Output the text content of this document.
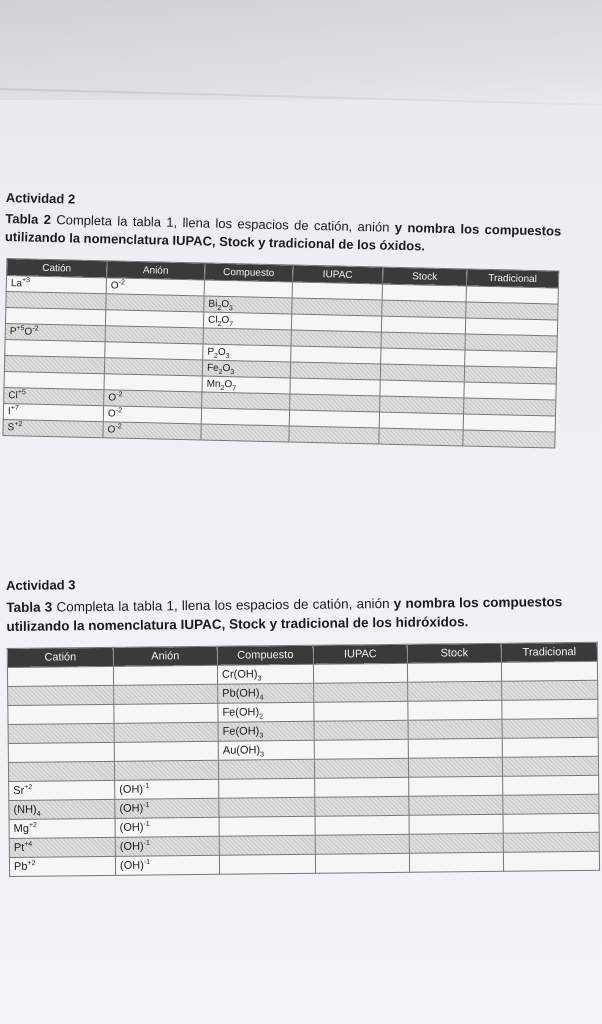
Actividad 2
Tabla 2 Completa la tabla 1, llena los espacios de catión, anión y nombra los compuestos utilizando la nomenclatura IUPAC, Stock y tradicional de los óxidos.
Catión	Anión	Compuesto	IUPAC	Stock	Tradicional
$La^{+3}$	$O^{-2}$				
		$Bi_2O_3$			
		$Cl_2O_7$			
$P^{+5}O^{-2}$					
		$P_2O_3$			
		$Fe_2O_3$			
		$Mn_2O_7$			
$Cl^{+5}$	$O^{-2}$				
$I^{+7}$	$O^{-2}$				
$S^{+2}$	$O^{-2}$				
Actividad 3
Tabla 3 Completa la tabla 1, llena los espacios de catión, anión y nombra los compuestos utilizando la nomenclatura IUPAC, Stock y tradicional de los hidróxidos.
Catión	Anión	Compuesto	IUPAC	Stock	Tradicional
		$Cr(OH)_3$			
		$Pb(OH)_4$			
		$Fe(OH)_2$			
		$Fe(OH)_3$			
		$Au(OH)_3$			

$Sr^{+2}$	(OH)$^{-1}$				
$(NH)_4$	(OH)$^{-1}$				
$Mg^{+2}$	(OH)$^{-1}$				
$Pt^{+4}$	(OH)$^{-1}$				
$Pb^{+2}$	(OH)$^{-1}$				
